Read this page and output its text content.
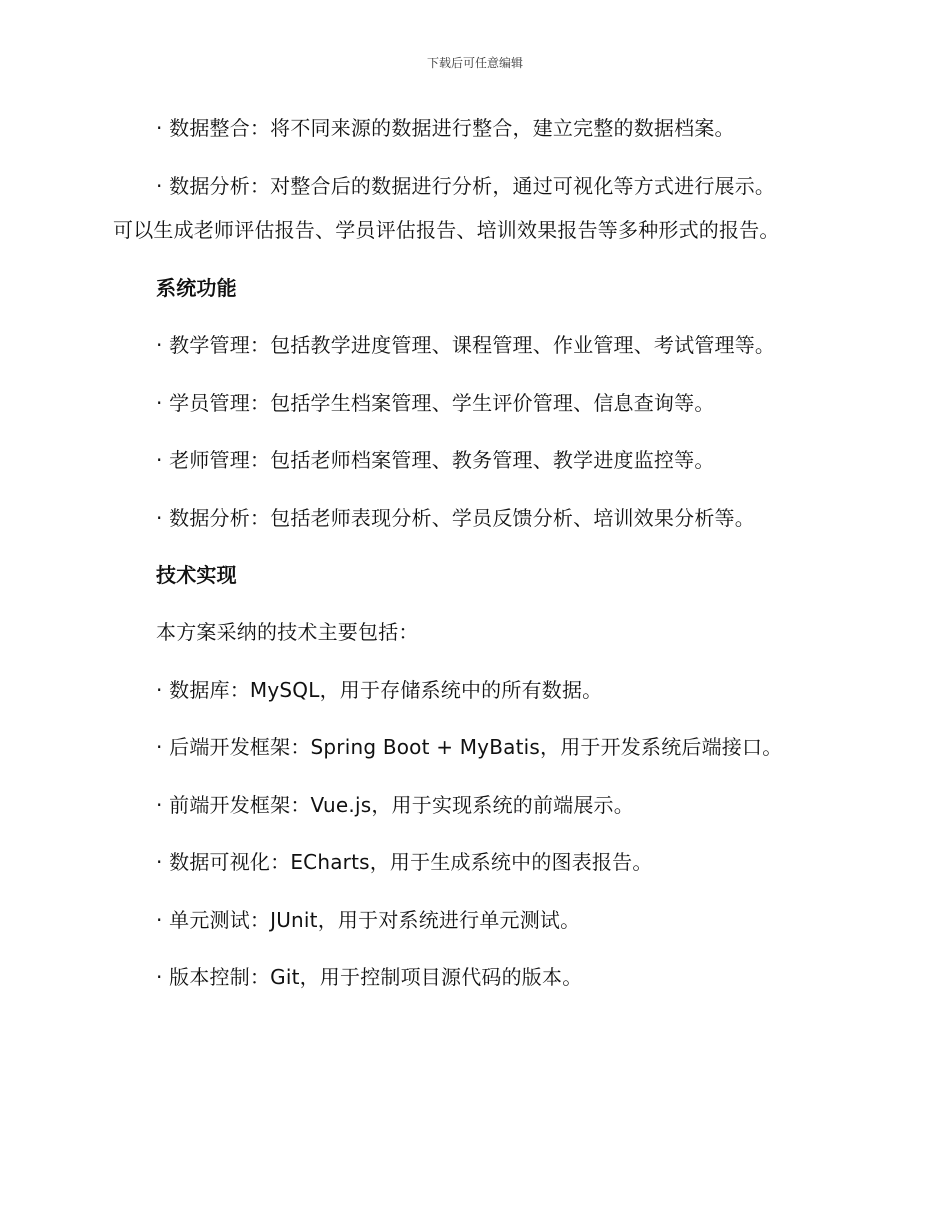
下载后可任意编辑
· 数据整合：将不同来源的数据进行整合，建立完整的数据档案。
· 数据分析：对整合后的数据进行分析，通过可视化等方式进行展示。
可以生成老师评估报告、学员评估报告、培训效果报告等多种形式的报告。
系统功能
· 教学管理：包括教学进度管理、课程管理、作业管理、考试管理等。
· 学员管理：包括学生档案管理、学生评价管理、信息查询等。
· 老师管理：包括老师档案管理、教务管理、教学进度监控等。
· 数据分析：包括老师表现分析、学员反馈分析、培训效果分析等。
技术实现
本方案采纳的技术主要包括：
· 数据库：MySQL，用于存储系统中的所有数据。
· 后端开发框架：Spring Boot + MyBatis，用于开发系统后端接口。
· 前端开发框架：Vue.js，用于实现系统的前端展示。
· 数据可视化：ECharts，用于生成系统中的图表报告。
· 单元测试：JUnit，用于对系统进行单元测试。
· 版本控制：Git，用于控制项目源代码的版本。
